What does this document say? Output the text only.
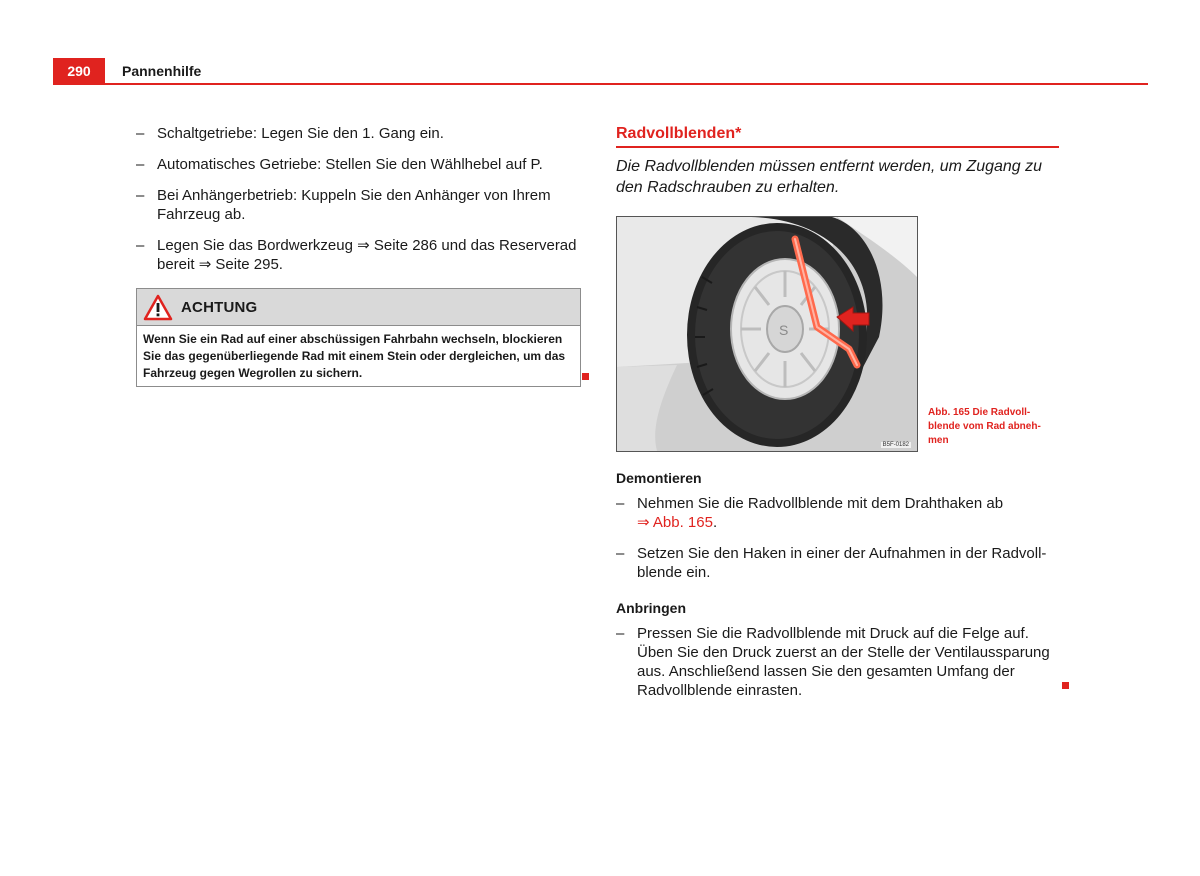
290	Pannenhilfe
– Schaltgetriebe: Legen Sie den 1. Gang ein.
– Automatisches Getriebe: Stellen Sie den Wählhebel auf P.
– Bei Anhängerbetrieb: Kuppeln Sie den Anhänger von Ihrem Fahrzeug ab.
– Legen Sie das Bordwerkzeug ⇒ Seite 286 und das Reserverad bereit ⇒ Seite 295.
ACHTUNG
Wenn Sie ein Rad auf einer abschüssigen Fahrbahn wechseln, blockieren Sie das gegenüberliegende Rad mit einem Stein oder dergleichen, um das Fahrzeug gegen Wegrollen zu sichern.
Radvollblenden*
Die Radvollblenden müssen entfernt werden, um Zugang zu den Radschrauben zu erhalten.
S
B5F-0182
Abb. 165 Die Radvollblende vom Rad abnehmen
Demontieren
– Nehmen Sie die Radvollblende mit dem Drahthaken ab
⇒ Abb. 165.
– Setzen Sie den Haken in einer der Aufnahmen in der Radvollblende ein.
Anbringen
– Pressen Sie die Radvollblende mit Druck auf die Felge auf. Üben Sie den Druck zuerst an der Stelle der Ventilaussparung aus. Anschließend lassen Sie den gesamten Umfang der Radvollblende einrasten.
